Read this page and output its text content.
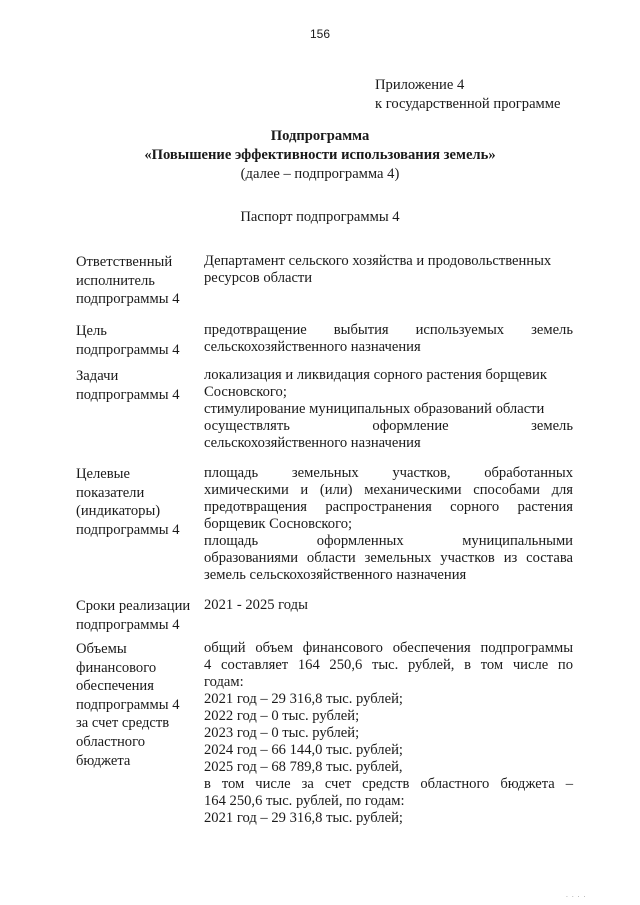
156
Приложение 4
к государственной программе
Подпрограмма
«Повышение эффективности использования земель»
(далее – подпрограмма 4)
Паспорт подпрограммы 4
Ответственный
исполнитель
подпрограммы 4
Департамент сельского хозяйства и продовольственных
ресурсов области
Цель
подпрограммы 4
предотвращение выбытия используемых земель
сельскохозяйственного назначения
Задачи
подпрограммы 4
локализация и ликвидация сорного растения борщевик
Сосновского;
стимулирование муниципальных образований области
осуществлять оформление земель
сельскохозяйственного назначения
Целевые
показатели
(индикаторы)
подпрограммы 4
площадь земельных участков, обработанных
химическими и (или) механическими способами для
предотвращения распространения сорного растения
борщевик Сосновского;
площадь оформленных муниципальными
образованиями области земельных участков из состава
земель сельскохозяйственного назначения
Сроки реализации
подпрограммы 4
2021 - 2025 годы
Объемы
финансового
обеспечения
подпрограммы 4
за счет средств
областного
бюджета
общий объем финансового обеспечения подпрограммы
4 составляет 164 250,6 тыс. рублей, в том числе по
годам:
2021 год – 29 316,8 тыс. рублей;
2022 год – 0 тыс. рублей;
2023 год – 0 тыс. рублей;
2024 год – 66 144,0 тыс. рублей;
2025 год – 68 789,8 тыс. рублей,
в том числе за счет средств областного бюджета –
164 250,6 тыс. рублей, по годам:
2021 год – 29 316,8 тыс. рублей;
· · · ·
